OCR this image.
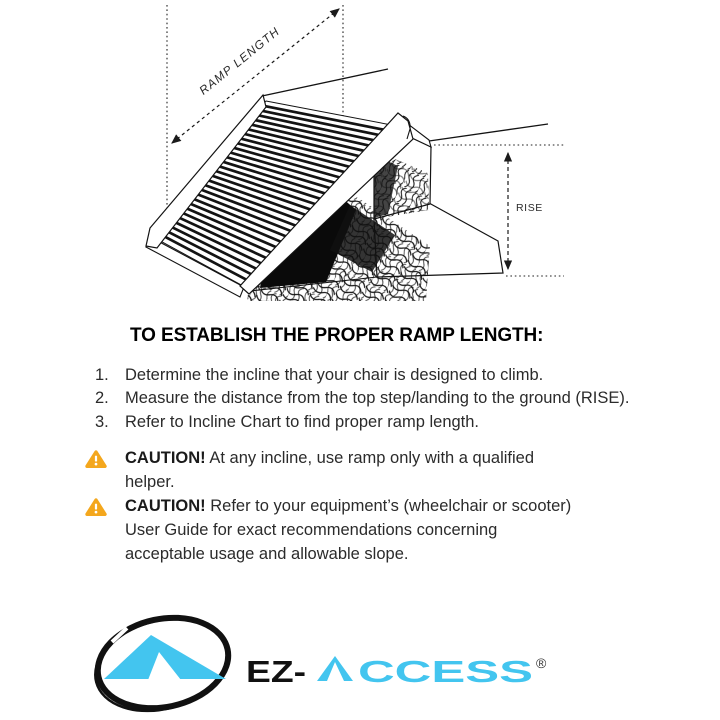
RAMP LENGTH
RISE
TO ESTABLISH THE PROPER RAMP LENGTH:
1. Determine the incline that your chair is designed to climb.
2. Measure the distance from the top step/landing to the ground (RISE).
3. Refer to Incline Chart to find proper ramp length.
CAUTION! At any incline, use ramp only with a qualified
helper.
CAUTION! Refer to your equipment’s (wheelchair or scooter)
User Guide for exact recommendations concerning
acceptable usage and allowable slope.
EZ- CCESS ®
